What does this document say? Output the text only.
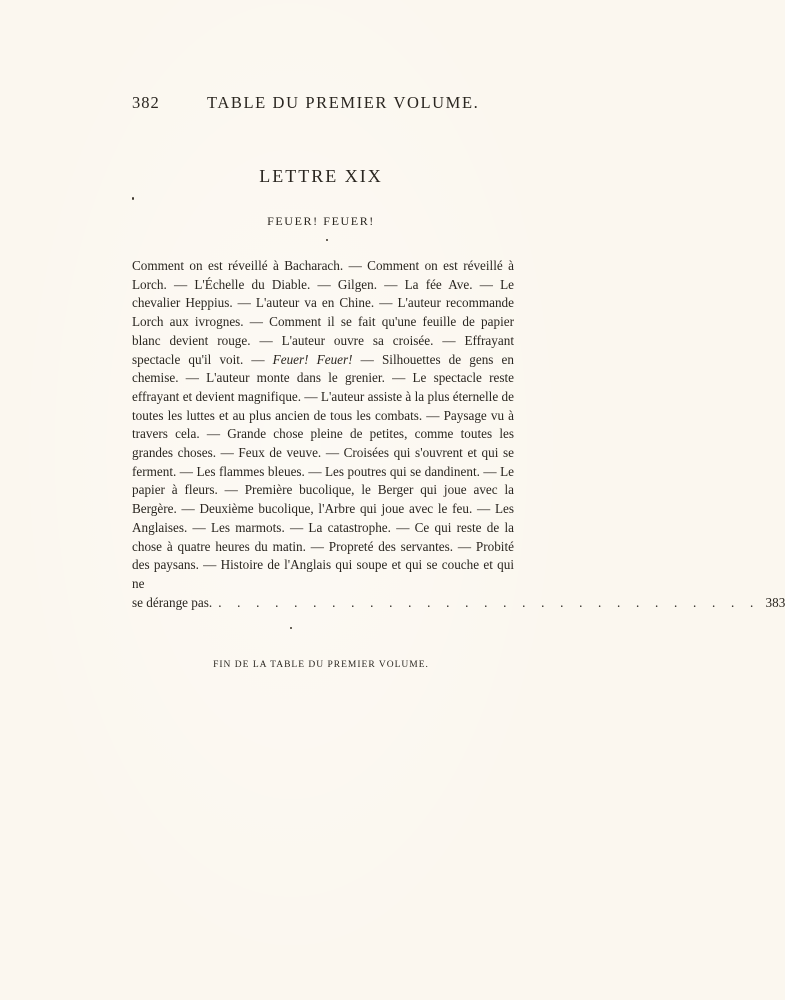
382	TABLE DU PREMIER VOLUME.
LETTRE XIX
FEUER! FEUER!

Comment on est réveillé à Bacharach. — Comment on est réveillé à Lorch. — L'Échelle du Diable. — Gilgen. — La fée Ave. — Le chevalier Heppius. — L'auteur va en Chine. — L'auteur recommande Lorch aux ivrognes. — Comment il se fait qu'une feuille de papier blanc devient rouge. — L'auteur ouvre sa croisée. — Effrayant spectacle qu'il voit. — Feuer! Feuer! — Silhouettes de gens en chemise. — L'auteur monte dans le grenier. — Le spectacle reste effrayant et devient magnifique. — L'auteur assiste à la plus éternelle de toutes les luttes et au plus ancien de tous les combats. — Paysage vu à travers cela. — Grande chose pleine de petites, comme toutes les grandes choses. — Feux de veuve. — Croisées qui s'ouvrent et qui se ferment. — Les flammes bleues. — Les poutres qui se dandinent. — Le papier à fleurs. — Première bucolique, le Berger qui joue avec la Bergère. — Deuxième bucolique, l'Arbre qui joue avec le feu. — Les Anglaises. — Les marmots. — La catastrophe. — Ce qui reste de la chose à quatre heures du matin. — Propreté des servantes. — Probité des paysans. — Histoire de l'Anglais qui soupe et qui se couche et qui ne

se dérange pas. . . . . . . . . . . . . . . . . . . . . . . . . . . . . . 383
FIN DE LA TABLE DU PREMIER VOLUME.
